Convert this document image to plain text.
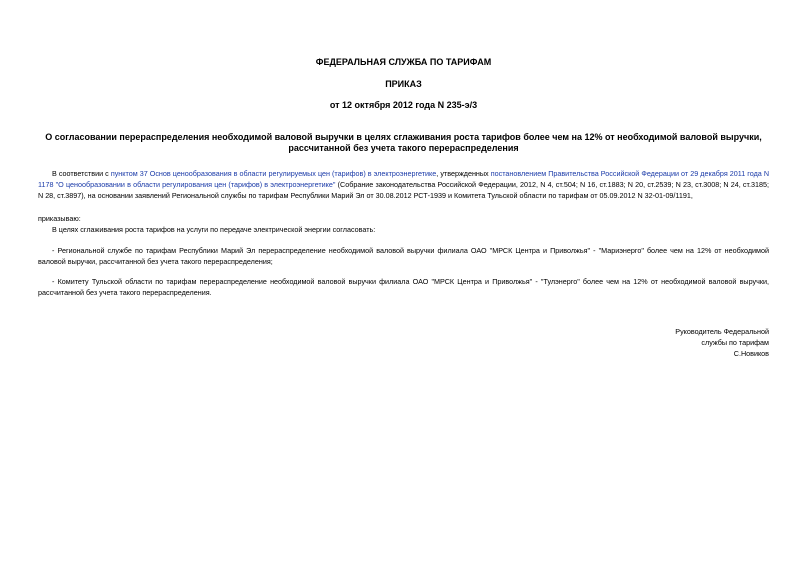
ФЕДЕРАЛЬНАЯ СЛУЖБА ПО ТАРИФАМ
ПРИКАЗ
от 12 октября 2012 года N 235-э/3
О согласовании перераспределения необходимой валовой выручки в целях сглаживания роста тарифов более чем на 12% от необходимой валовой выручки, рассчитанной без учета такого перераспределения
В соответствии с пунктом 37 Основ ценообразования в области регулируемых цен (тарифов) в электроэнергетике, утвержденных постановлением Правительства Российской Федерации от 29 декабря 2011 года N 1178 "О ценообразовании в области регулирования цен (тарифов) в электроэнергетике" (Собрание законодательства Российской Федерации, 2012, N 4, ст.504; N 16, ст.1883; N 20, ст.2539; N 23, ст.3008; N 24, ст.3185; N 28, ст.3897), на основании заявлений Региональной службы по тарифам Республики Марий Эл от 30.08.2012 РСТ-1939 и Комитета Тульской области по тарифам от 05.09.2012 N 32-01-09/1191,
приказываю:
В целях сглаживания роста тарифов на услуги по передаче электрической энергии согласовать:
- Региональной службе по тарифам Республики Марий Эл перераспределение необходимой валовой выручки филиала ОАО "МРСК Центра и Приволжья" - "Мариэнерго" более чем на 12% от необходимой валовой выручки, рассчитанной без учета такого перераспределения;
- Комитету Тульской области по тарифам перераспределение необходимой валовой выручки филиала ОАО "МРСК Центра и Приволжья" - "Тулэнерго" более чем на 12% от необходимой валовой выручки, рассчитанной без учета такого перераспределения.
Руководитель Федеральной
службы по тарифам
С.Новиков
